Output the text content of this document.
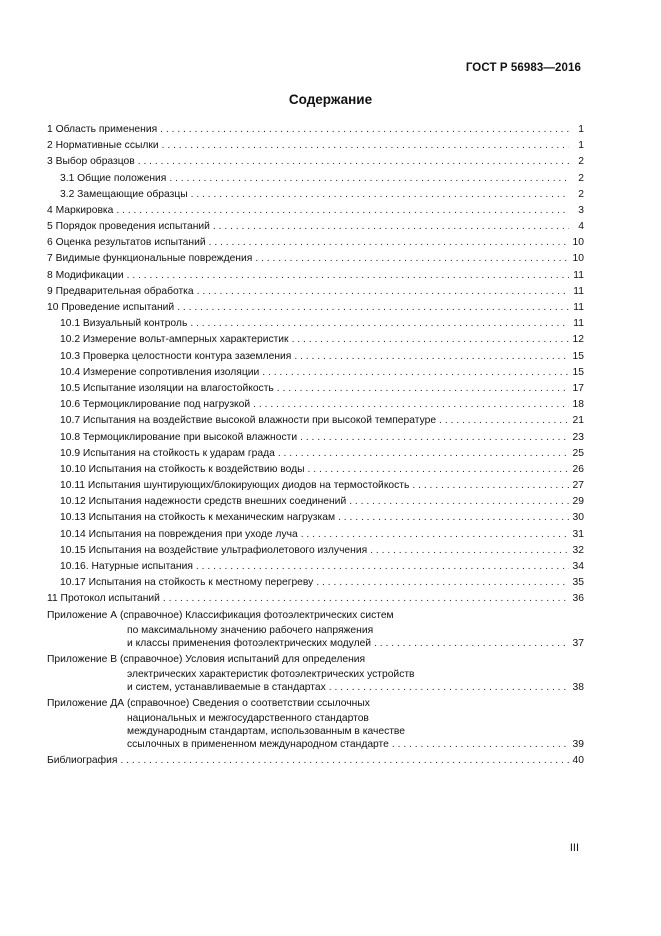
ГОСТ Р 56983—2016
Содержание
1 Область применения . . .	1
2 Нормативные ссылки . . .	1
3 Выбор образцов . . .	2
3.1 Общие положения . . .	2
3.2 Замещающие образцы . . .	2
4 Маркировка . . .	3
5 Порядок проведения испытаний . . .	4
6 Оценка результатов испытаний . . .	10
7 Видимые функциональные повреждения . . .	10
8 Модификации . . .	11
9 Предварительная обработка . . .	11
10 Проведение испытаний . . .	11
10.1 Визуальный контроль . . .	11
10.2 Измерение вольт-амперных характеристик . . .	12
10.3 Проверка целостности контура заземления . . .	15
10.4 Измерение сопротивления изоляции . . .	15
10.5 Испытание изоляции на влагостойкость . . .	17
10.6 Термоциклирование под нагрузкой . . .	18
10.7 Испытания на воздействие высокой влажности при высокой температуре . . .	21
10.8 Термоциклирование при высокой влажности . . .	23
10.9 Испытания на стойкость к ударам града . . .	25
10.10 Испытания на стойкость к воздействию воды . . .	26
10.11 Испытания шунтирующих/блокирующих диодов на термостойкость . . .	27
10.12 Испытания надежности средств внешних соединений . . .	29
10.13 Испытания на стойкость к механическим нагрузкам . . .	30
10.14 Испытания на повреждения при уходе луча . . .	31
10.15 Испытания на воздействие ультрафиолетового излучения . . .	32
10.16. Натурные испытания . . .	34
10.17 Испытания на стойкость к местному перегреву . . .	35
11 Протокол испытаний . . .	36
Приложение А (справочное) Классификация фотоэлектрических систем
по максимальному значению рабочего напряжения
и классы применения фотоэлектрических модулей . . .	37
Приложение В (справочное) Условия испытаний для определения
электрических характеристик фотоэлектрических устройств
и систем, устанавливаемые в стандартах . . .	38
Приложение ДА (справочное) Сведения о соответствии ссылочных
национальных и межгосударственного стандартов
международным стандартам, использованным в качестве
ссылочных в примененном международном стандарте . . .	39
Библиография . . .	40
III
